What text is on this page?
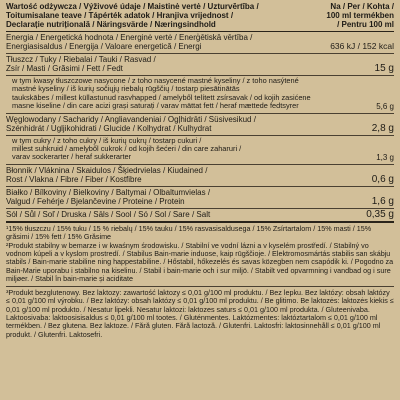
Wartość odżywcza / Výživové údaje / Maistinė vertė / Uzturvērtība /
Toitumisalane teave / Tápérték adatok / Hranjiva vrijednost /
Declarație nutrițională / Näringsvärde / Næringsindhold
Na / Per / Kohta /
100 ml termékben
/ Pentru 100 ml
Energia / Energetická hodnota / Energinė vertė / Enerģētiskā vērtība /
Energiasisaldus / Energija / Valoare energetică / Energi	636 kJ / 152 kcal
Tłuszcz / Tuky / Riebalai / Tauki / Rasvad /
Zsír / Masti / Grăsimi / Fett / Fedt	15 g
w tym kwasy tłuszczowe nasycone / z toho nasycené mastné kyseliny / z toho nasýtené
mastné kyseliny / iš kurių sočiųjų riebalų rūgščių / tostarp piesātinātās
taukskābes / millest küllastunud rasvhapped / amelyből telített zsírsavak / od kojih zasićene
masne kiseline / din care acizi grași saturați / varav mättat fett / heraf mættede fedtsyrer	5,6 g
Węglowodany / Sacharidy / Angliavandeniai / Ogļhidrāti / Süsivesikud /
Szénhidrát / Ugljikohidrati / Glucide / Kolhydrat / Kulhydrat	2,8 g
w tym cukry / z toho cukry / iš kurių cukrų / tostarp cukuri /
millest suhkruid / amelyből cukrok / od kojih šećeri / din care zaharuri /
varav sockerarter / heraf sukkerarter	1,3 g
Błonnik / Vláknina / Skaidulos / Šķiedrvielas / Kiudained /
Rost / Vlakna / Fibre / Fiber / Kostfibre	0,6 g
Białko / Bílkoviny / Bielkoviny / Baltymai / Olbaltumvielas /
Valgud / Fehérje / Bjelančevine / Proteine / Protein	1,6 g
Sól / Sůl / Soľ / Druska / Sāls / Sool / Só / Sol / Sare / Salt	0,35 g

¹15% tłuszczu / 15% tuku / 15 % riebalų / 15% tauku / 15% rasvasisaldusega / 15% Zsírtartalom / 15% masti / 15% grăsimi / 15% fett / 15% Grăsime

²Produkt stabilny w bemarze i w kwaśnym środowisku. / Stabilní ve vodní lázni a v kyselém prostředí. / Stabilný vo vodnom kúpeli a v kyslom prostredí. / Stabilus Bain-marie induose, kaip rūgščioje. / Elektromosmártás stabilis san skábju stabils / Bain-marie stabiline ning happestabiline. / Hőstabil, hőkezelés és savas közegben nem csapódik ki. / Pogodno za Bain-Marie uporabu i stabilno na kiselinu. / Stabil i bain-marie och i sur miljö. / Stabilt ved opvarmning i vandbad og i sure miljøer. / Stabil în bain-marie și aciditate

³Produkt bezglutenowy. Bez laktozy: zawartość laktozy ≤ 0,01 g/100 ml produktu. / Bez lepku. Bez laktózy: obsah laktózy ≤ 0,01 g/100 ml výrobku. / Bez laktózy: obsah laktózy ≤ 0,01 g/100 ml produktu. / Be glitimo. Be laktozės: laktozės kiekis ≤ 0,01 g/100 ml produkto. / Nesatur lipekli. Nesatur laktozi: laktozes saturs ≤ 0,01 g/100 ml produkta. / Gluteenivaba. Laktoosivaba: laktoosisisaldus ≤ 0,01 g/100 ml tootes. / Gluténmentes. Laktózmentes: laktóztartalom ≤ 0,01 g/100 ml termékben. / Bez glutena. Bez laktoze. / Fără gluten. Fără lactoză. / Glutenfri. Laktosfri: laktosinnehåll ≤ 0,01 g/100 ml produkt. / Glutenfri. Laktosefri.
